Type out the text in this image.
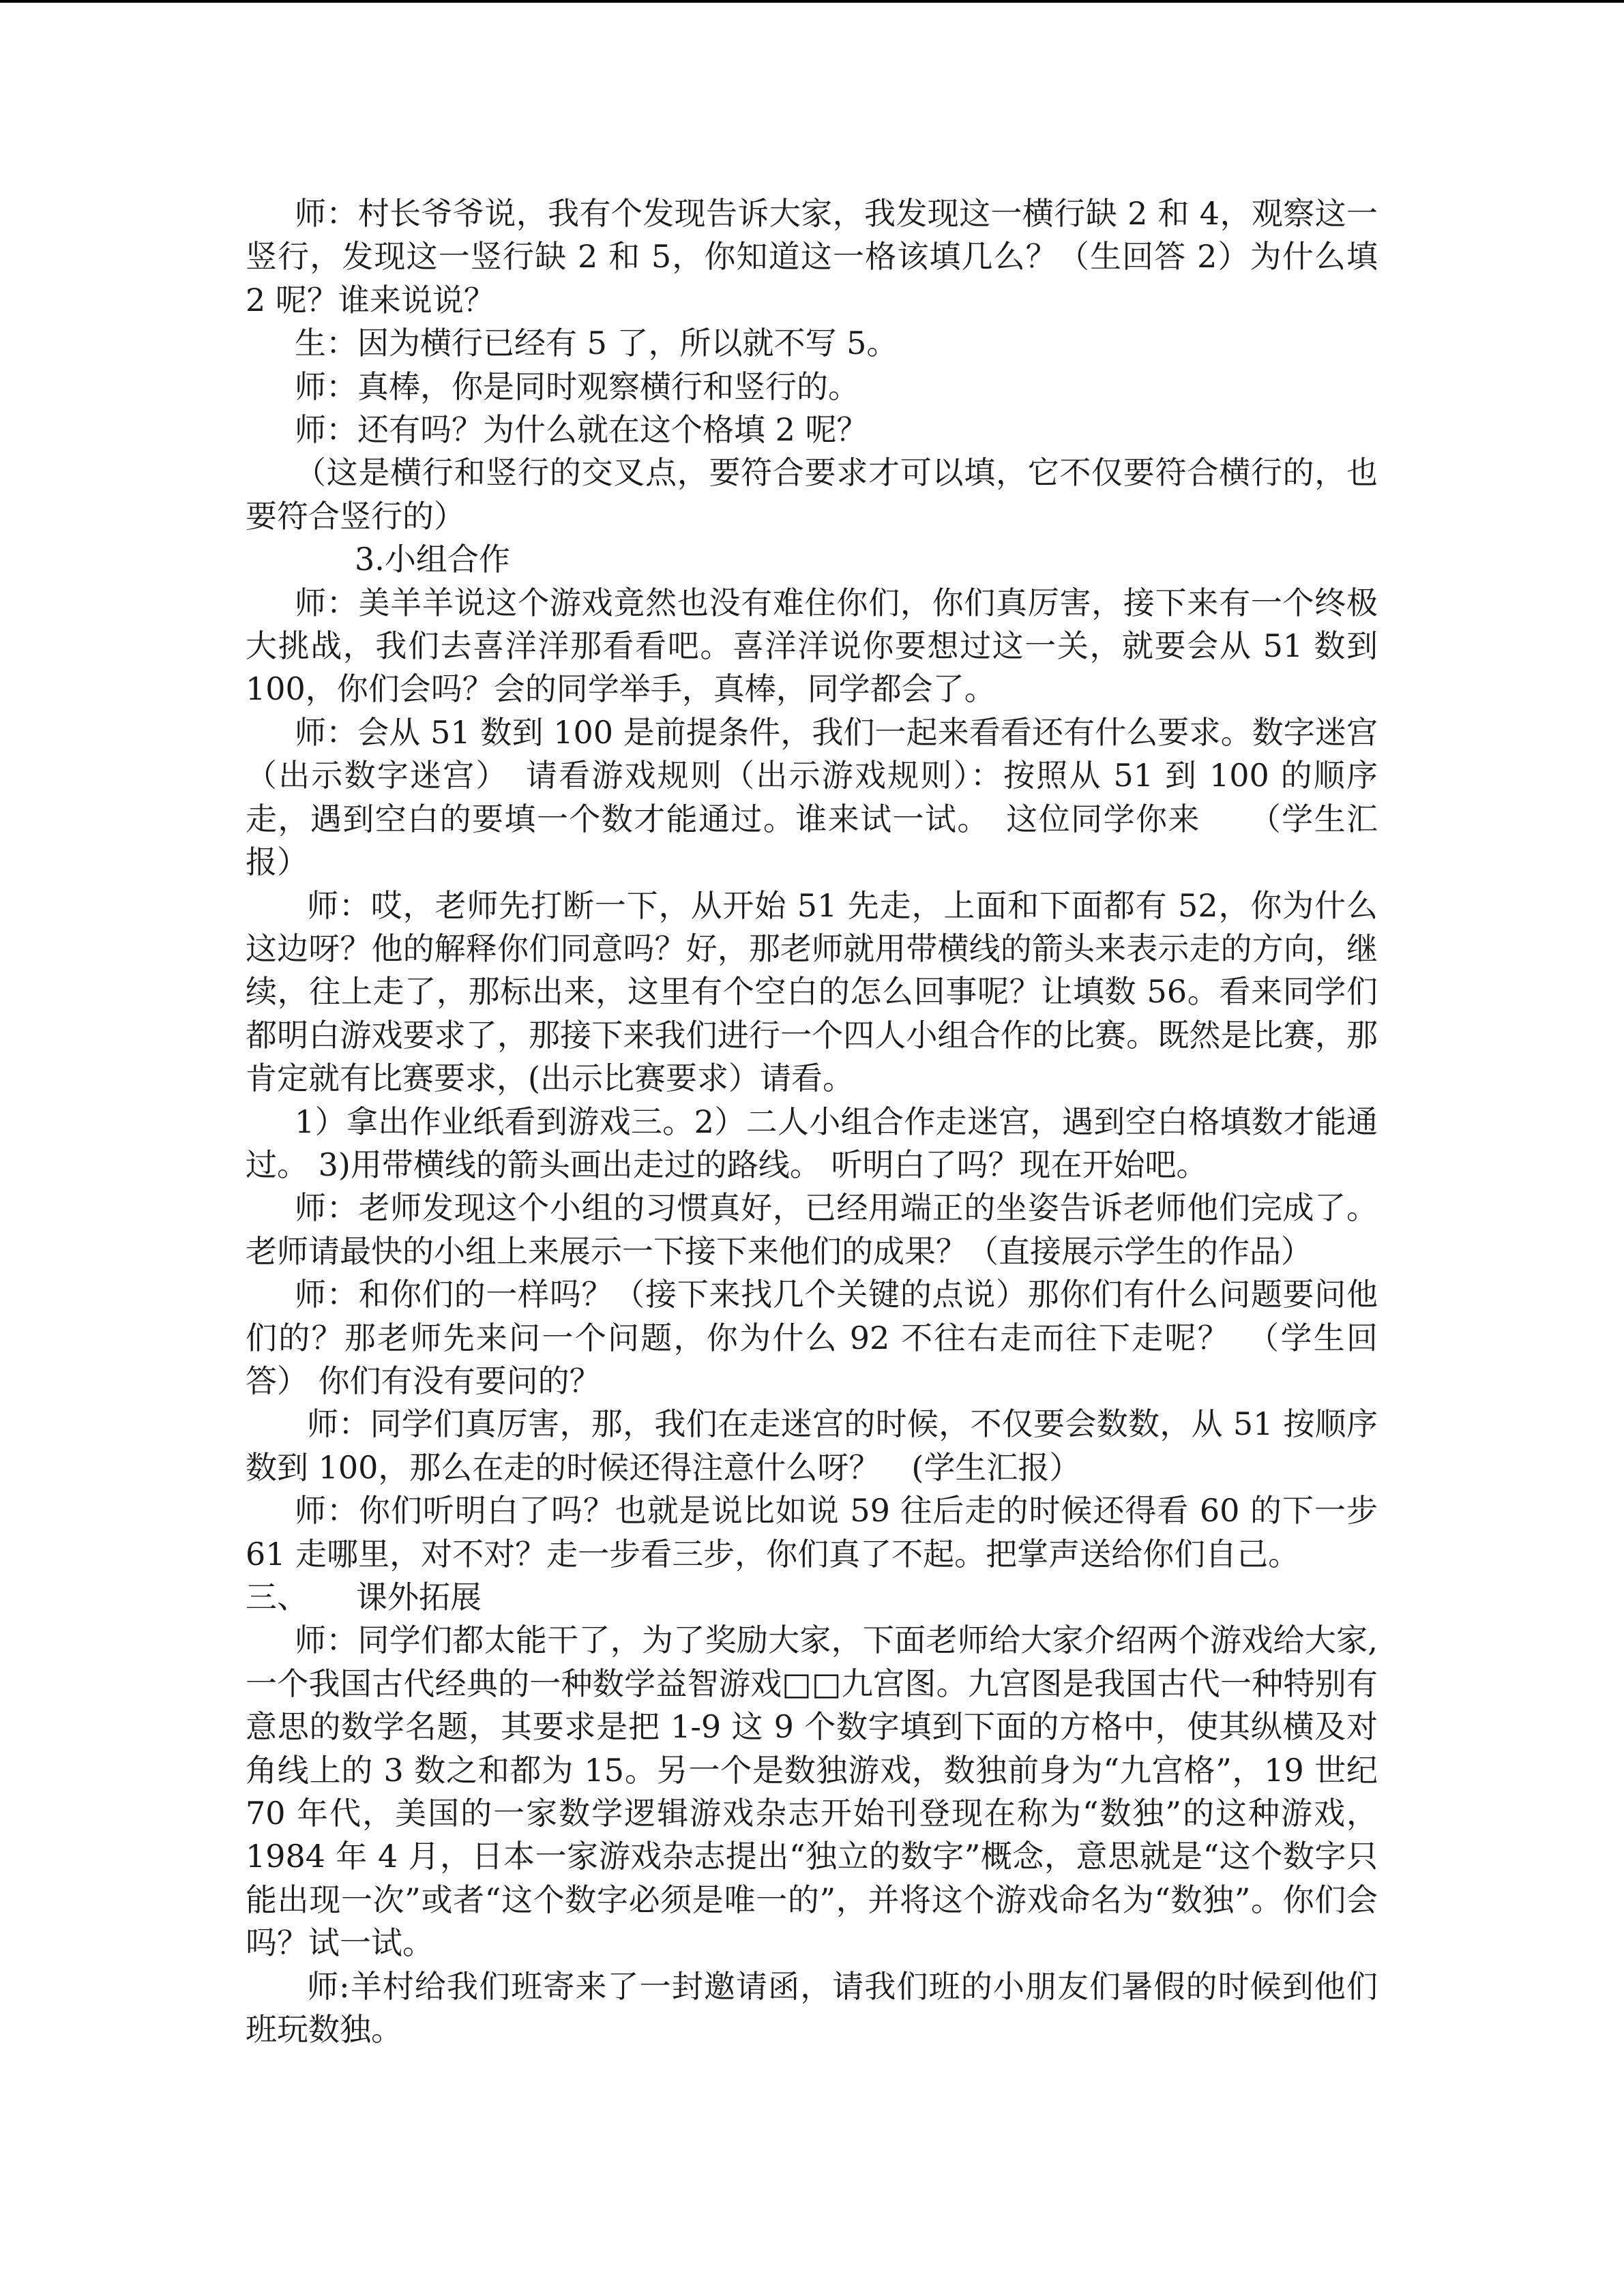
师：村长爷爷说，我有个发现告诉大家，我发现这一横行缺 2 和 4，观察这一竖行，发现这一竖行缺 2 和 5，你知道这一格该填几么？（生回答 2）为什么填 2 呢？谁来说说？

生：因为横行已经有 5 了，所以就不写 5。

师：真棒，你是同时观察横行和竖行的。

师：还有吗？为什么就在这个格填 2 呢？

（这是横行和竖行的交叉点，要符合要求才可以填，它不仅要符合横行的，也要符合竖行的）

3.小组合作

师：美羊羊说这个游戏竟然也没有难住你们，你们真厉害，接下来有一个终极大挑战，我们去喜洋洋那看看吧。喜洋洋说你要想过这一关，就要会从 51 数到 100，你们会吗？会的同学举手，真棒，同学都会了。

师：会从 51 数到 100 是前提条件，我们一起来看看还有什么要求。数字迷宫（出示数字迷宫）　请看游戏规则（出示游戏规则）：按照从 51 到 100 的顺序走，遇到空白的要填一个数才能通过。谁来试一试。　这位同学你来　　（学生汇报）

师：哎，老师先打断一下，从开始 51 先走，上面和下面都有 52，你为什么这边呀？他的解释你们同意吗？好，那老师就用带横线的箭头来表示走的方向，继续，往上走了，那标出来，这里有个空白的怎么回事呢？让填数 56。看来同学们都明白游戏要求了，那接下来我们进行一个四人小组合作的比赛。既然是比赛，那肯定就有比赛要求，(出示比赛要求）请看。

1）拿出作业纸看到游戏三。2）二人小组合作走迷宫，遇到空白格填数才能通过。 3)用带横线的箭头画出走过的路线。 听明白了吗？现在开始吧。

师：老师发现这个小组的习惯真好，已经用端正的坐姿告诉老师他们完成了。 老师请最快的小组上来展示一下接下来他们的成果？（直接展示学生的作品）

师：和你们的一样吗？（接下来找几个关键的点说）那你们有什么问题要问他们的？那老师先来问一个问题，你为什么 92 不往右走而往下走呢？　（学生回答） 你们有没有要问的？

师：同学们真厉害，那，我们在走迷宫的时候，不仅要会数数，从 51 按顺序数到 100，那么在走的时候还得注意什么呀？　(学生汇报）

师：你们听明白了吗？也就是说比如说 59 往后走的时候还得看 60 的下一步 61 走哪里，对不对？走一步看三步，你们真了不起。把掌声送给你们自己。

三、 课外拓展

师：同学们都太能干了，为了奖励大家，下面老师给大家介绍两个游戏给大家,一个我国古代经典的一种数学益智游戏□□九宫图。九宫图是我国古代一种特别有意思的数学名题，其要求是把 1-9 这 9 个数字填到下面的方格中，使其纵横及对角线上的 3 数之和都为 15。另一个是数独游戏，数独前身为“九宫格”，19 世纪 70 年代，美国的一家数学逻辑游戏杂志开始刊登现在称为“数独”的这种游戏，1984 年 4 月，日本一家游戏杂志提出“独立的数字”概念，意思就是“这个数字只能出现一次”或者“这个数字必须是唯一的”，并将这个游戏命名为“数独”。你们会吗？试一试。

师:羊村给我们班寄来了一封邀请函，请我们班的小朋友们暑假的时候到他们班玩数独。
